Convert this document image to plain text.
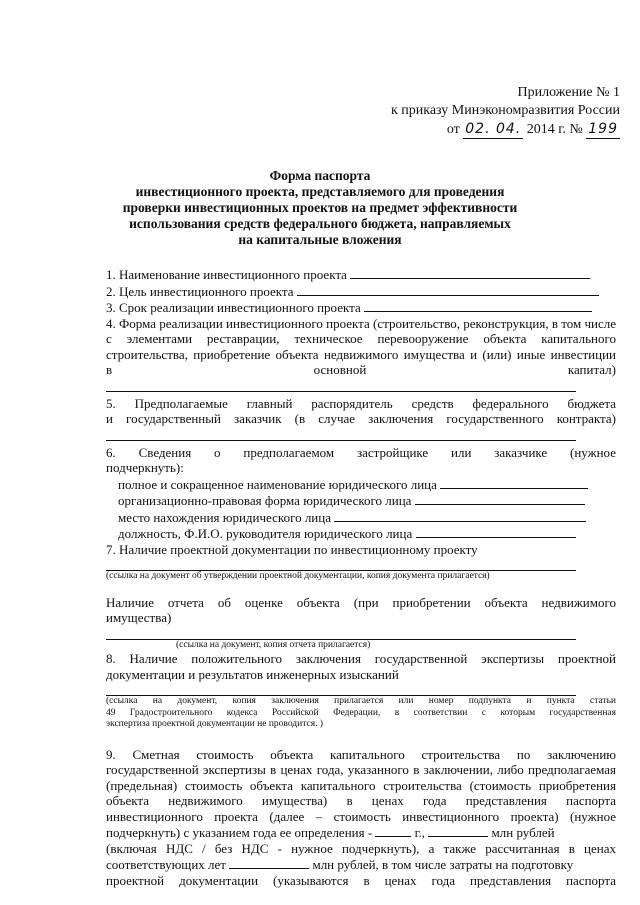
Приложение № 1
к приказу Минэкономразвития России
от 02. 04. 2014 г. № 199
Форма паспорта
инвестиционного проекта, представляемого для проведения
проверки инвестиционных проектов на предмет эффективности
использования средств федерального бюджета, направляемых
на капитальные вложения
1. Наименование инвестиционного проекта
2. Цель инвестиционного проекта
3. Срок реализации инвестиционного проекта
4. Форма реализации инвестиционного проекта (строительство, реконструкция, в том числе
с элементами реставрации, техническое перевооружение объекта капитального
строительства, приобретение объекта недвижимого имущества и (или) иные инвестиции
в основной капитал)
5. Предполагаемые главный распорядитель средств федерального бюджета
и государственный заказчик (в случае заключения государственного контракта)
6. Сведения о предполагаемом застройщике или заказчике (нужное
подчеркнуть):
полное и сокращенное наименование юридического лица
организационно-правовая форма юридического лица
место нахождения юридического лица
должность, Ф.И.О. руководителя юридического лица
7. Наличие проектной документации по инвестиционному проекту
(ссылка на документ об утверждении проектной документации, копия документа прилагается)
Наличие отчета об оценке объекта (при приобретении объекта недвижимого
имущества)
(ссылка на документ, копия отчета прилагается)
8. Наличие положительного заключения государственной экспертизы проектной
документации и результатов инженерных изысканий
(ссылка на документ, копия заключения прилагается или номер подпункта и пункта статьи
49 Градостроительного кодекса Российской Федерации, в соответствии с которым государственная
экспертиза проектной документации не проводится. )
9. Сметная стоимость объекта капитального строительства по заключению
государственной экспертизы в ценах года, указанного в заключении, либо предполагаемая
(предельная) стоимость объекта капитального строительства (стоимость приобретения
объекта недвижимого имущества) в ценах года представления паспорта
инвестиционного проекта (далее – стоимость инвестиционного проекта) (нужное
подчеркнуть) с указанием года ее определения -	г.,	млн рублей
(включая НДС / без НДС - нужное подчеркнуть), а также рассчитанная в ценах
соответствующих лет	млн рублей, в том числе затраты на подготовку
проектной документации (указываются в ценах года представления паспорта
